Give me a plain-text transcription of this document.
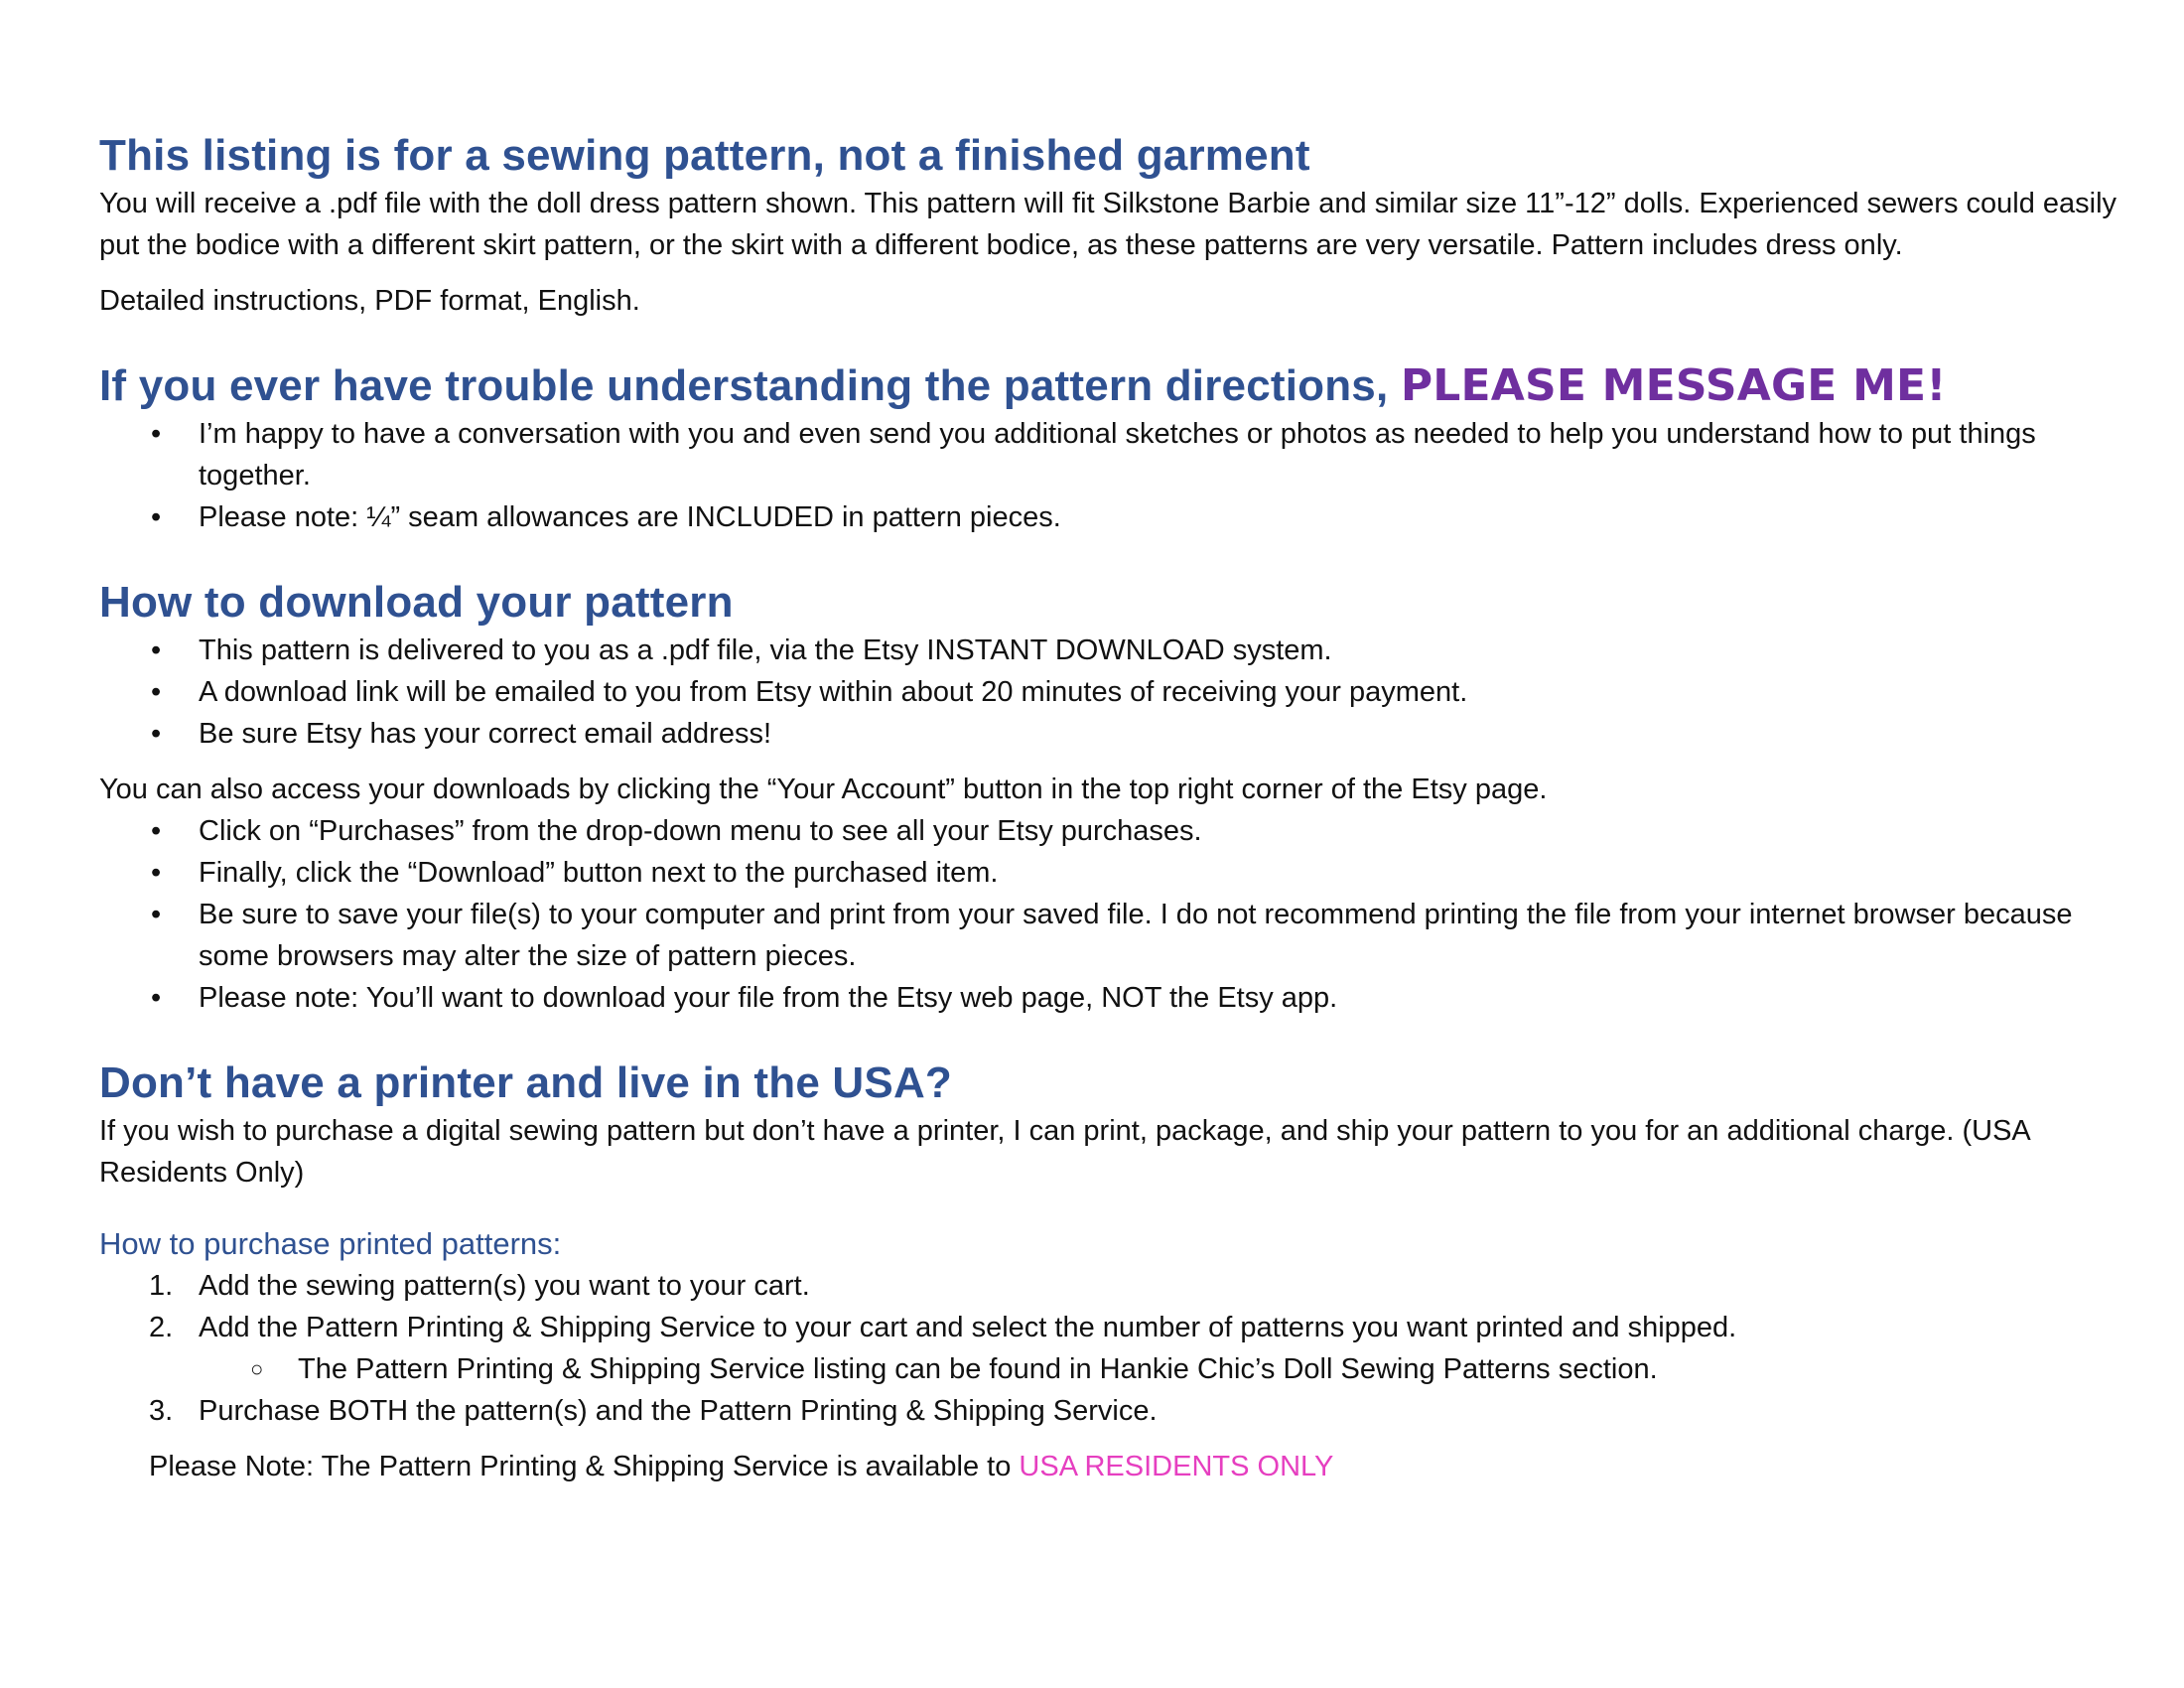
This listing is for a sewing pattern, not a finished garment

You will receive a .pdf file with the doll dress pattern shown. This pattern will fit Silkstone Barbie and similar size 11”-12” dolls. Experienced sewers could easily put the bodice with a different skirt pattern, or the skirt with a different bodice, as these patterns are very versatile. Pattern includes dress only.

Detailed instructions, PDF format, English.

If you ever have trouble understanding the pattern directions, PLEASE MESSAGE ME!
•	I’m happy to have a conversation with you and even send you additional sketches or photos as needed to help you understand how to put things together.
•	Please note: ¼” seam allowances are INCLUDED in pattern pieces.
How to download your pattern
•	This pattern is delivered to you as a .pdf file, via the Etsy INSTANT DOWNLOAD system.
•	A download link will be emailed to you from Etsy within about 20 minutes of receiving your payment.
•	Be sure Etsy has your correct email address!

You can also access your downloads by clicking the “Your Account” button in the top right corner of the Etsy page.

•	Click on “Purchases” from the drop-down menu to see all your Etsy purchases.
•	Finally, click the “Download” button next to the purchased item.
•	Be sure to save your file(s) to your computer and print from your saved file. I do not recommend printing the file from your internet browser because some browsers may alter the size of pattern pieces.
•	Please note: You’ll want to download your file from the Etsy web page, NOT the Etsy app.
Don’t have a printer and live in the USA?

If you wish to purchase a digital sewing pattern but don’t have a printer, I can print, package, and ship your pattern to you for an additional charge. (USA Residents Only)

How to purchase printed patterns:
1. Add the sewing pattern(s) you want to your cart.
2. Add the Pattern Printing & Shipping Service to your cart and select the number of patterns you want printed and shipped.
○	The Pattern Printing & Shipping Service listing can be found in Hankie Chic’s Doll Sewing Patterns section.
3. Purchase BOTH the pattern(s) and the Pattern Printing & Shipping Service.

Please Note: The Pattern Printing & Shipping Service is available to USA RESIDENTS ONLY
